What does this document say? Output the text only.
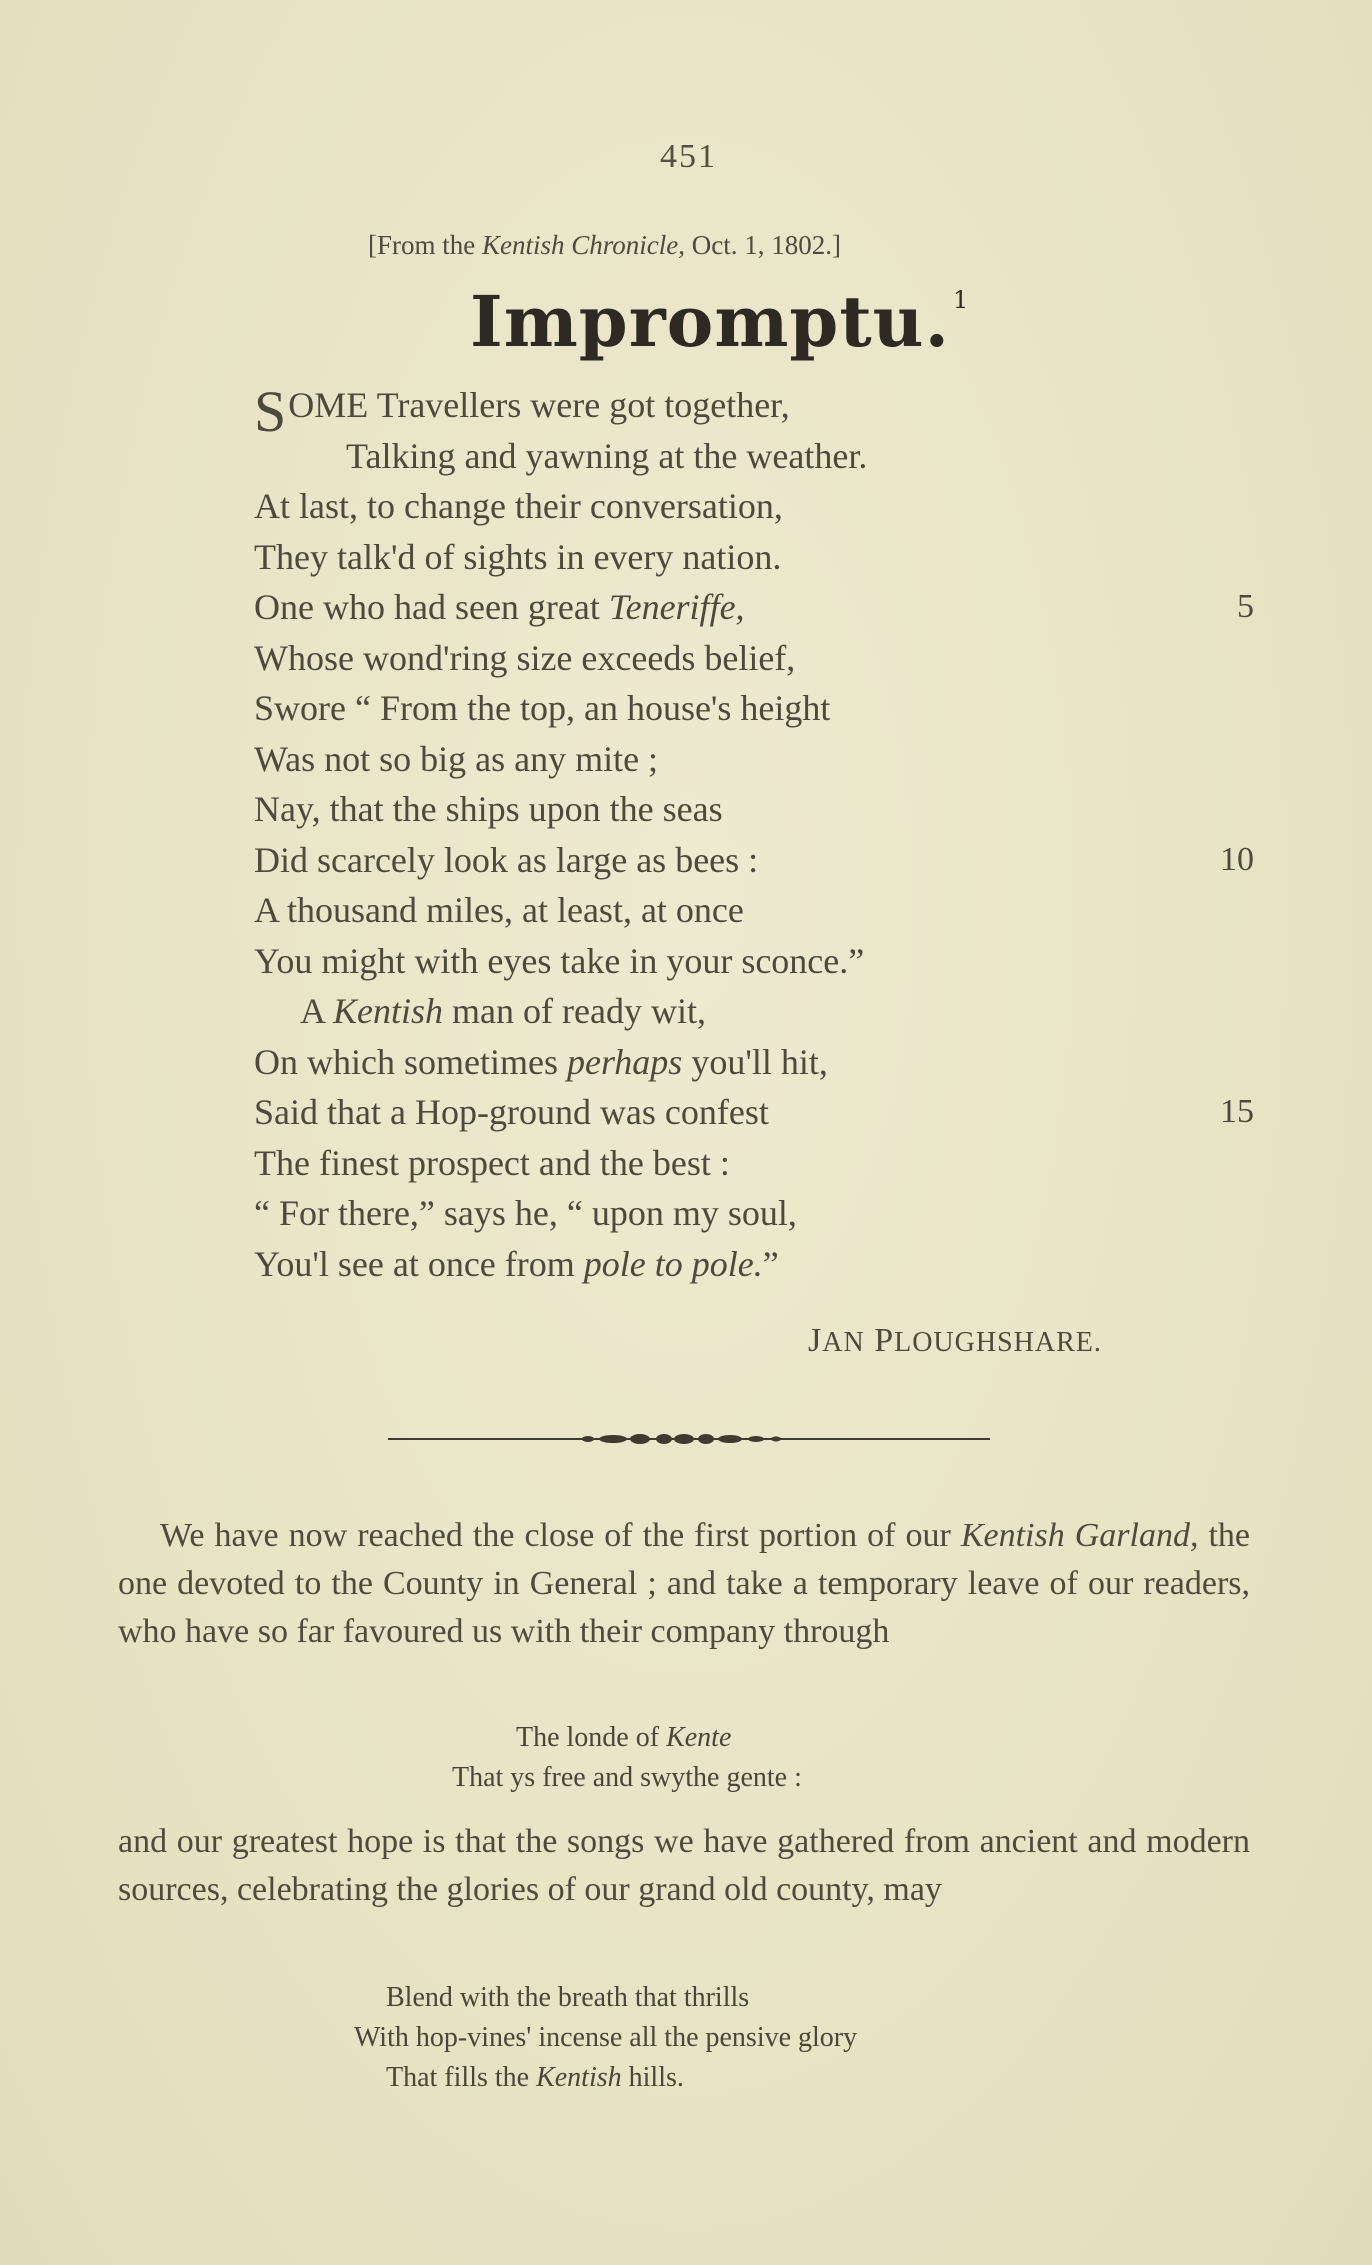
451
[From the Kentish Chronicle, Oct. 1, 1802.]
Impromptu. $^1$
SOME Travellers were got together,
Talking and yawning at the weather.
At last, to change their conversation,
They talk'd of sights in every nation.
One who had seen great Teneriffe,	5
Whose wond'ring size exceeds belief,
Swore “ From the top, an house's height
Was not so big as any mite ;
Nay, that the ships upon the seas
Did scarcely look as large as bees :	10
A thousand miles, at least, at once
You might with eyes take in your sconce.”
A Kentish man of ready wit,
On which sometimes perhaps you'll hit,
Said that a Hop-ground was confest	15
The finest prospect and the best :
“ For there,” says he, “ upon my soul,
You'l see at once from pole to pole.”
JAN PLOUGHSHARE.
We have now reached the close of the first portion of our Kentish Garland, the one devoted to the County in General ; and take a temporary leave of our readers, who have so far favoured us with their company through
The londe of Kente
That ys free and swythe gente :
and our greatest hope is that the songs we have gathered from ancient and modern sources, celebrating the glories of our grand old county, may
Blend with the breath that thrills
With hop-vines' incense all the pensive glory
That fills the Kentish hills.
